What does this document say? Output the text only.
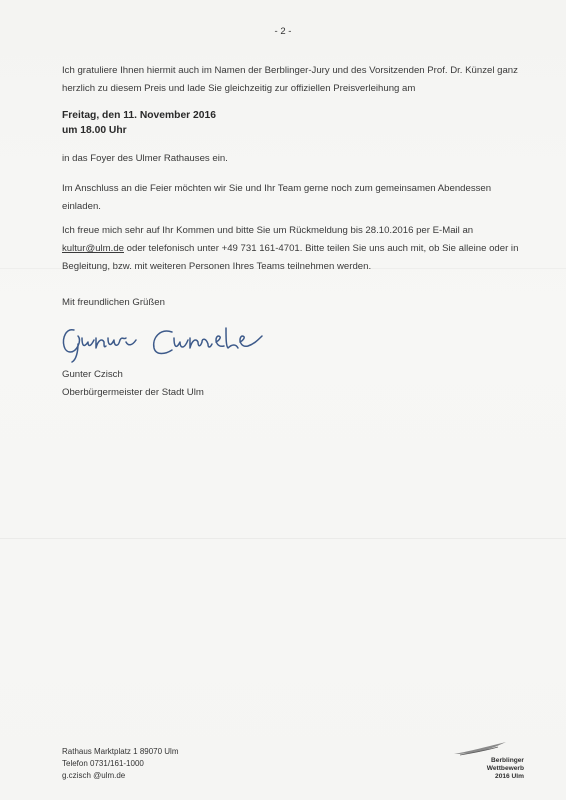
- 2 -

Ich gratuliere Ihnen hiermit auch im Namen der Berblinger-Jury und des Vorsitzenden Prof. Dr. Künzel ganz herzlich zu diesem Preis und lade Sie gleichzeitig zur offiziellen Preisverleihung am

Freitag, den 11. November 2016
um 18.00 Uhr

in das Foyer des Ulmer Rathauses ein.

Im Anschluss an die Feier möchten wir Sie und Ihr Team gerne noch zum gemeinsamen Abendessen einladen.

Ich freue mich sehr auf Ihr Kommen und bitte Sie um Rückmeldung bis 28.10.2016 per E-Mail an
kultur@ulm.de oder telefonisch unter +49 731 161-4701. Bitte teilen Sie uns auch mit, ob Sie alleine oder in Begleitung, bzw. mit weiteren Personen Ihres Teams teilnehmen werden.

Mit freundlichen Grüßen

Gunter Czisch

Oberbürgermeister der Stadt Ulm

Rathaus Marktplatz 1 89070 Ulm
Telefon 0731/161-1000
g.czisch @ulm.de
Berblinger
Wettbewerb
2016 Ulm
